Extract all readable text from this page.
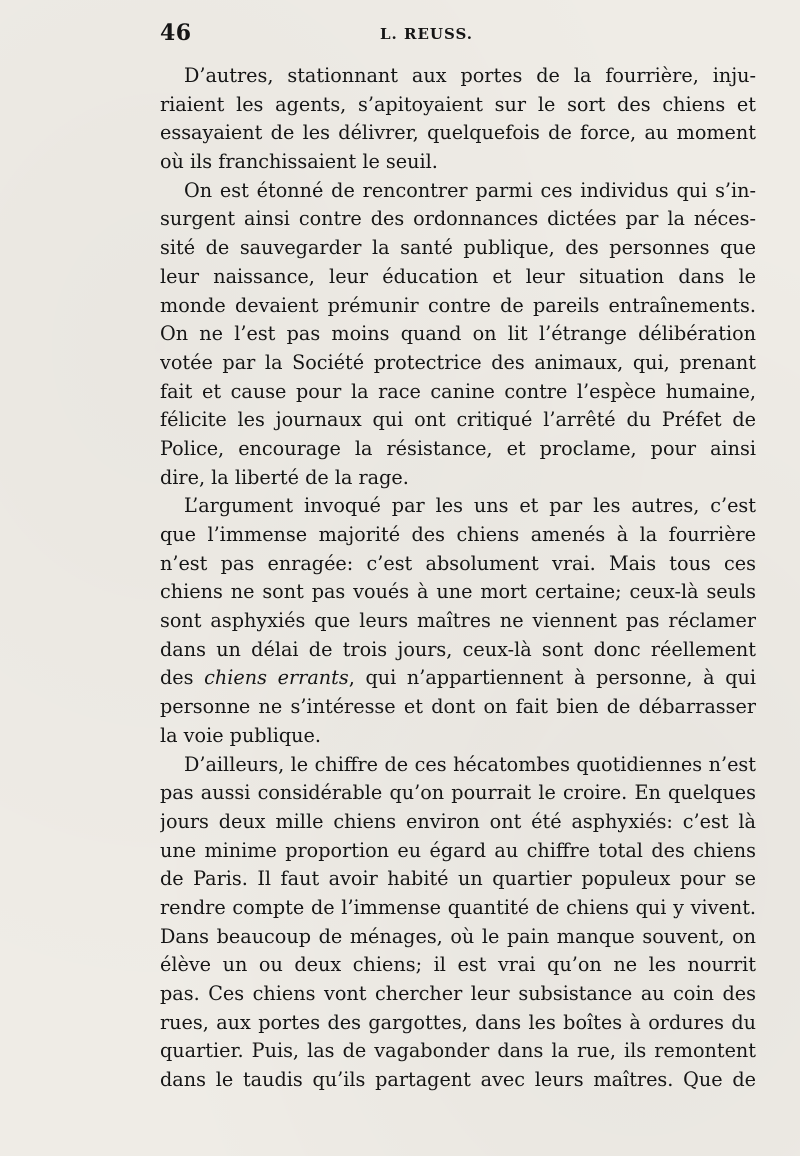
46	L. REUSS.
D’autres, stationnant aux portes de la fourrière, inju-
riaient les agents, s’apitoyaient sur le sort des chiens et
essayaient de les délivrer, quelquefois de force, au moment
où ils franchissaient le seuil.
On est étonné de rencontrer parmi ces individus qui s’in-
surgent ainsi contre des ordonnances dictées par la néces-
sité de sauvegarder la santé publique, des personnes que
leur naissance, leur éducation et leur situation dans le
monde devaient prémunir contre de pareils entraînements.
On ne l’est pas moins quand on lit l’étrange délibération
votée par la Société protectrice des animaux, qui, prenant
fait et cause pour la race canine contre l’espèce humaine,
félicite les journaux qui ont critiqué l’arrêté du Préfet de
Police, encourage la résistance, et proclame, pour ainsi
dire, la liberté de la rage.
L’argument invoqué par les uns et par les autres, c’est
que l’immense majorité des chiens amenés à la fourrière
n’est pas enragée: c’est absolument vrai. Mais tous ces
chiens ne sont pas voués à une mort certaine; ceux-là seuls
sont asphyxiés que leurs maîtres ne viennent pas réclamer
dans un délai de trois jours, ceux-là sont donc réellement
des chiens errants, qui n’appartiennent à personne, à qui
personne ne s’intéresse et dont on fait bien de débarrasser
la voie publique.
D’ailleurs, le chiffre de ces hécatombes quotidiennes n’est
pas aussi considérable qu’on pourrait le croire. En quelques
jours deux mille chiens environ ont été asphyxiés: c’est là
une minime proportion eu égard au chiffre total des chiens
de Paris. Il faut avoir habité un quartier populeux pour se
rendre compte de l’immense quantité de chiens qui y vivent.
Dans beaucoup de ménages, où le pain manque souvent, on
élève un ou deux chiens; il est vrai qu’on ne les nourrit
pas. Ces chiens vont chercher leur subsistance au coin des
rues, aux portes des gargottes, dans les boîtes à ordures du
quartier. Puis, las de vagabonder dans la rue, ils remontent
dans le taudis qu’ils partagent avec leurs maîtres. Que de
